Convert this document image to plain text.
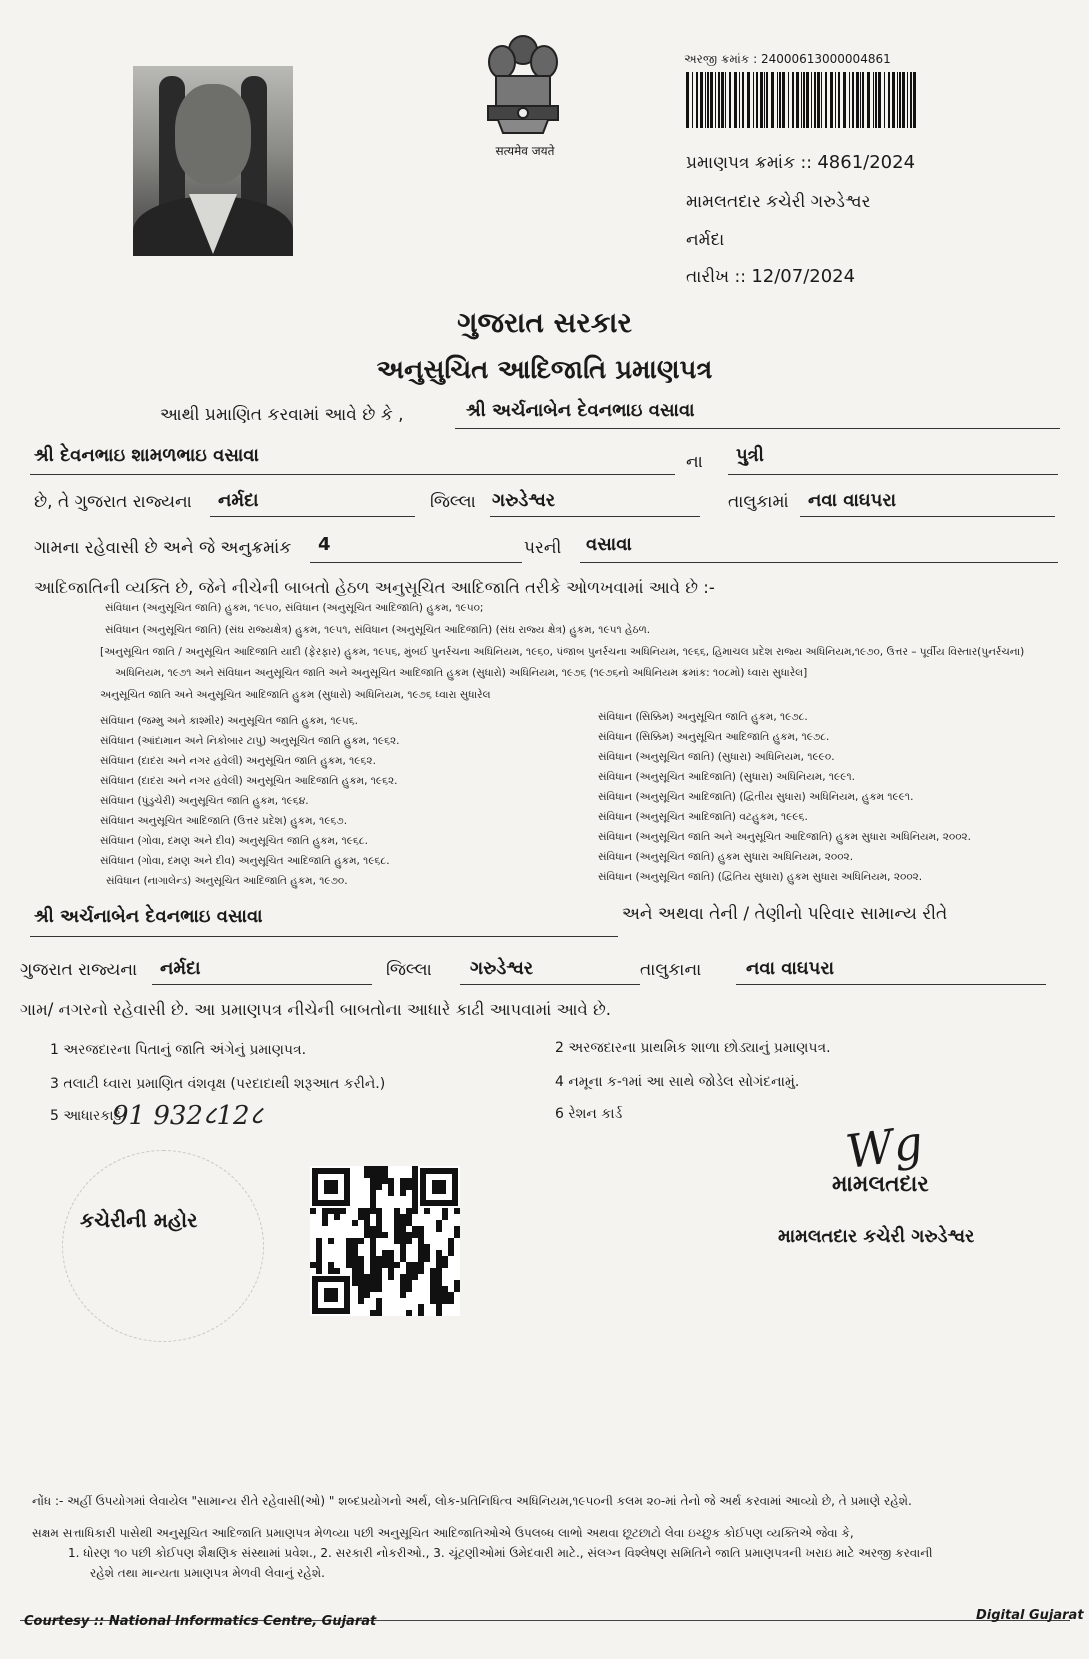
सत्यमेव जयते
અરજી ક્રમાંક : 24000613000004861
પ્રમાણપત્ર ક્રમાંક :: 4861/2024
મામલતદાર કચેરી ગરુડેશ્વર
નર્મદા
તારીખ :: 12/07/2024
ગુજરાત સરકાર
અનુસુચિત આદિજાતિ પ્રમાણપત્ર
આથી પ્રમાણિત કરવામાં આવે છે કે ,	શ્રી અર્ચનાબેન દેવનભાઇ વસાવા
શ્રી દેવનભાઇ શામળભાઇ વસાવા	ના પુત્રી
છે, તે ગુજરાત રાજ્યના નર્મદા	જિલ્લા ગરુડેશ્વર	તાલુકામાં નવા વાઘપરા
ગામના રહેવાસી છે અને જે અનુક્રમાંક 4	પરની વસાવા
આદિજાતિની વ્યક્તિ છે, જેને નીચેની બાબતો હેઠળ અનુસૂચિત આદિજાતિ તરીકે ઓળખવામાં આવે છે :-
સંવિધાન (અનુસૂચિત જાતિ) હુકમ, ૧૯૫૦, સંવિધાન (અનુસૂચિત આદિજાતિ) હુકમ, ૧૯૫૦;
સંવિધાન (અનુસૂચિત જાતિ) (સંઘ રાજ્યક્ષેત્ર) હુકમ, ૧૯૫૧, સંવિધાન (અનુસૂચિત આદિજાતિ) (સંઘ રાજ્ય ક્ષેત્ર) હુકમ, ૧૯૫૧ હેઠળ.
[અનુસૂચિત જાતિ / અનુસૂચિત આદિજાતિ યાદી (ફેરફાર) હુકમ, ૧૯૫૬, મુંબઈ પુનર્રચના અધિનિયમ, ૧૯૬૦, પંજાબ પુનર્રચના અધિનિયમ, ૧૯૬૬, હિમાચલ પ્રદેશ રાજ્ય અધિનિયમ,૧૯૭૦, ઉત્તર – પૂર્વીય વિસ્તાર(પુનર્રચના)
અધિનિયમ, ૧૯૭૧ અને સંવિધાન અનુસૂચિત જાતિ અને અનુસૂચિત આદિજાતિ હુકમ (સુધારો) અધિનિયમ, ૧૯૭૬ (૧૯૭૬નો અધિનિયમ ક્રમાંક: ૧૦૮મો) ધ્વારા સુધારેલ]
અનુસૂચિત જાતિ અને અનુસૂચિત આદિજાતિ હુકમ (સુધારો) અધિનિયમ, ૧૯૭૬ ધ્વારા સુધારેલ
સંવિધાન (જમ્મુ અને કાશ્મીર) અનુસૂચિત જાતિ હુકમ, ૧૯૫૬.
સંવિધાન (આંદામાન અને નિકોબાર ટાપુ) અનુસૂચિત જાતિ હુકમ, ૧૯૬૨.
સંવિધાન (દાદરા અને નગર હવેલી) અનુસૂચિત જાતિ હુકમ, ૧૯૬૨.
સંવિધાન (દાદરા અને નગર હવેલી) અનુસૂચિત આદિજાતિ હુકમ, ૧૯૬૨.
સંવિધાન (પુંડુચેરી) અનુસૂચિત જાતિ હુકમ, ૧૯૬૪.
સંવિધાન અનુસૂચિત આદિજાતિ (ઉત્તર પ્રદેશ) હુકમ, ૧૯૬૭.
સંવિધાન (ગોવા, દમણ અને દીવ) અનુસૂચિત જાતિ હુકમ, ૧૯૬૮.
સંવિધાન (ગોવા, દમણ અને દીવ) અનુસૂચિત આદિજાતિ હુકમ, ૧૯૬૮.
સંવિધાન (નાગાલેન્ડ) અનુસૂચિત આદિજાતિ હુકમ, ૧૯૭૦.
સંવિધાન (સિક્કિમ) અનુસૂચિત જાતિ હુકમ, ૧૯૭૮.
સંવિધાન (સિક્કિમ) અનુસૂચિત આદિજાતિ હુકમ, ૧૯૭૮.
સંવિધાન (અનુસૂચિત જાતિ) (સુધારા) અધિનિયમ, ૧૯૯૦.
સંવિધાન (અનુસૂચિત આદિજાતિ) (સુધારા) અધિનિયમ, ૧૯૯૧.
સંવિધાન (અનુસૂચિત આદિજાતિ) (દ્વિતીય સુધારા) અધિનિયમ, હુકમ ૧૯૯૧.
સંવિધાન (અનુસૂચિત આદિજાતિ) વટહુકમ, ૧૯૯૬.
સંવિધાન (અનુસૂચિત જાતિ અને અનુસૂચિત આદિજાતિ) હુકમ સુધારા અધિનિયમ, ૨૦૦૨.
સંવિધાન (અનુસૂચિત જાતિ) હુકમ સુધારા અધિનિયમ, ૨૦૦૨.
સંવિધાન (અનુસૂચિત જાતિ) (દ્વિતિય સુધારા) હુકમ સુધારા અધિનિયમ, ૨૦૦૨.
શ્રી અર્ચનાબેન દેવનભાઇ વસાવા	અને અથવા તેની / તેણીનો પરિવાર સામાન્ય રીતે
ગુજરાત રાજ્યના નર્મદા	જિલ્લા ગરુડેશ્વર	તાલુકાના નવા વાઘપરા
ગામ/ નગરનો રહેવાસી છે. આ પ્રમાણપત્ર નીચેની બાબતોના આધારે કાઢી આપવામાં આવે છે.
1 અરજદારના પિતાનું જાતિ અંગેનું પ્રમાણપત્ર.	2 અરજદારના પ્રાથમિક શાળા છોડ્યાનું પ્રમાણપત્ર.
3 તલાટી ધ્વારા પ્રમાણિત વંશવૃક્ષ (પરદાદાથી શરૂઆત કરીને.)	4 નમૂના ક-૧માં આ સાથે જોડેલ સોગંદનામું.
5 આધારકાર્ડ	6 રેશન કાર્ડ
91 932८12८	Wg
મામલતદાર
મામલતદાર કચેરી ગરુડેશ્વર
કચેરીની મહોર
નોંધ :- અહીં ઉપયોગમાં લેવાયેલ "સામાન્ય રીતે રહેવાસી(ઓ) " શબ્દપ્રયોગનો અર્થ, લોક-પ્રતિનિધિત્વ અધિનિયમ,૧૯૫૦ની કલમ ૨૦-માં તેનો જે અર્થ કરવામાં આવ્યો છે, તે પ્રમાણે રહેશે.
સક્ષમ સત્તાધિકારી પાસેથી અનુસૂચિત આદિજાતિ પ્રમાણપત્ર મેળવ્યા પછી અનુસૂચિત આદિજાતિઓએ ઉપલબ્ધ લાભો અથવા છૂટછાટો લેવા ઇચ્છુક કોઈપણ વ્યક્તિએ જેવા કે,
1. ધોરણ ૧૦ પછી કોઈપણ શૈક્ષણિક સંસ્થામાં પ્રવેશ., 2. સરકારી નોકરીઓ., 3. ચૂંટણીઓમાં ઉમેદવારી માટે., સંલગ્ન વિશ્લેષણ સમિતિને જાતિ પ્રમાણપત્રની ખરાઇ માટે અરજી કરવાની
રહેશે તથા માન્યતા પ્રમાણપત્ર મેળવી લેવાનું રહેશે.
Courtesy :: National Informatics Centre, Gujarat	Digital Gujarat
